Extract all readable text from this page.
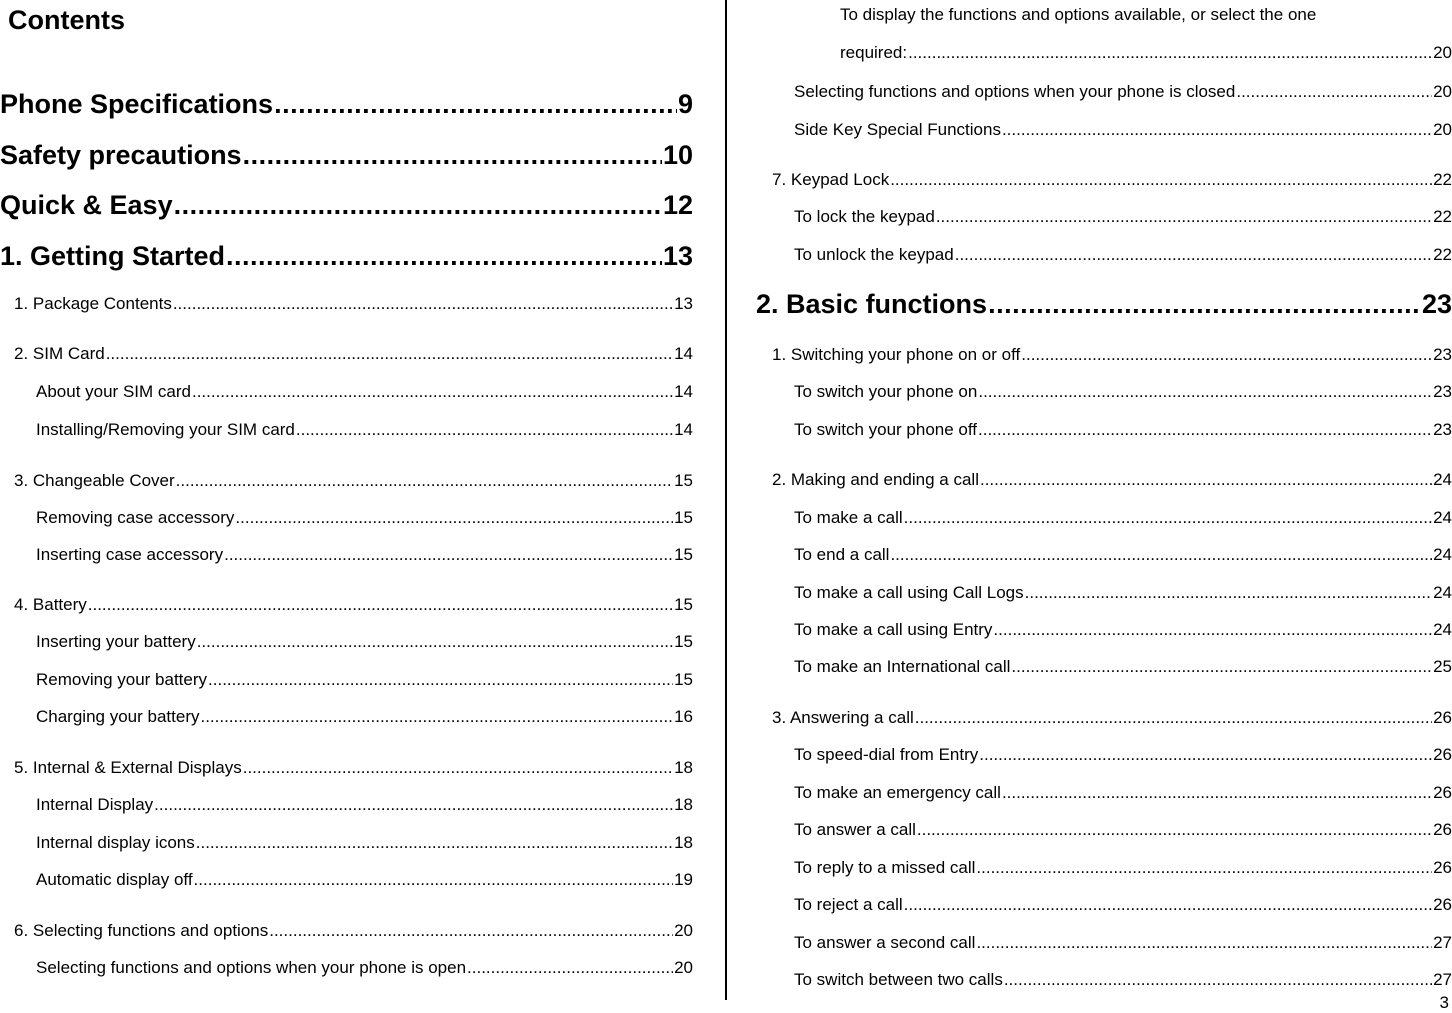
Contents
Phone Specifications .....	9
Safety precautions .....	10
Quick & Easy .....	12
1. Getting Started .....	13
1. Package Contents .....	13
2. SIM Card .....	14
About your SIM card .....	14
Installing/Removing your SIM card .....	14
3. Changeable Cover .....	15
Removing case accessory .....	15
Inserting case accessory .....	15
4. Battery .....	15
Inserting your battery .....	15
Removing your battery .....	15
Charging your battery .....	16
5. Internal & External Displays .....	18
Internal Display .....	18
Internal display icons .....	18
Automatic display off .....	19
6. Selecting functions and options .....	20
Selecting functions and options when your phone is open .....	20
To display the functions and options available, or select the one
required: .....	20
Selecting functions and options when your phone is closed .....	20
Side Key Special Functions .....	20
7. Keypad Lock .....	22
To lock the keypad .....	22
To unlock the keypad .....	22
2. Basic functions .....	23
1. Switching your phone on or off .....	23
To switch your phone on .....	23
To switch your phone off .....	23
2. Making and ending a call .....	24
To make a call .....	24
To end a call .....	24
To make a call using Call Logs .....	24
To make a call using Entry .....	24
To make an International call .....	25
3. Answering a call .....	26
To speed-dial from Entry .....	26
To make an emergency call .....	26
To answer a call .....	26
To reply to a missed call .....	26
To reject a call .....	26
To answer a second call .....	27
To switch between two calls .....	27
3
